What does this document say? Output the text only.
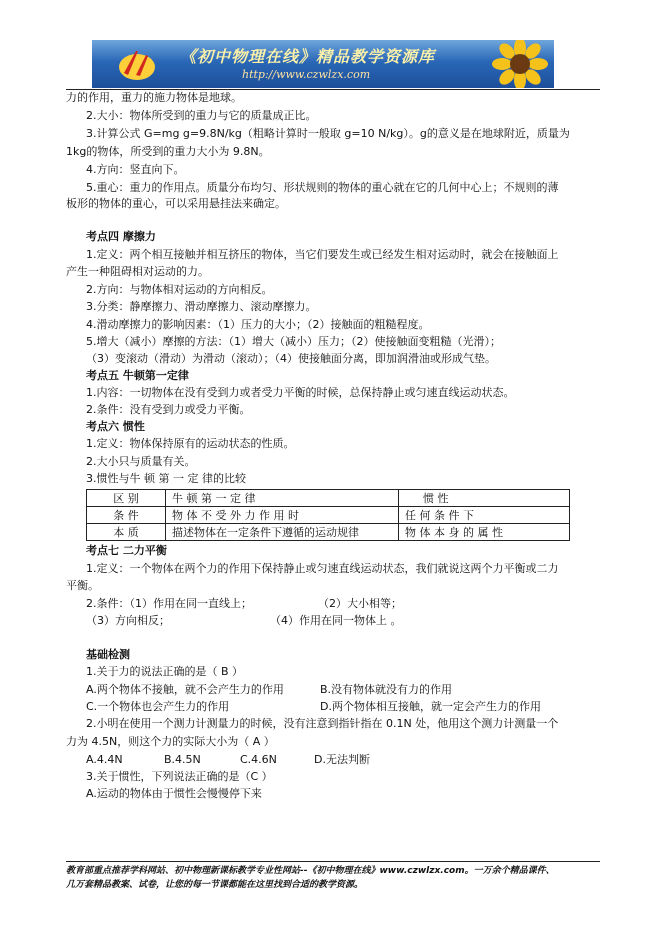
《初中物理在线》精品教学资源库
http://www.czwlzx.com
力的作用，重力的施力物体是地球。
2.大小：物体所受到的重力与它的质量成正比。
3.计算公式 G=mg g=9.8N/kg（粗略计算时一般取 g=10 N/kg）。g的意义是在地球附近，质量为
1kg的物体，所受到的重力大小为 9.8N。
4.方向：竖直向下。
5.重心：重力的作用点。质量分布均匀、形状规则的物体的重心就在它的几何中心上；不规则的薄
板形的物体的重心，可以采用悬挂法来确定。
考点四 摩擦力
1.定义：两个相互接触并相互挤压的物体，当它们要发生或已经发生相对运动时，就会在接触面上
产生一种阻碍相对运动的力。
2.方向：与物体相对运动的方向相反。
3.分类：静摩擦力、滑动摩擦力、滚动摩擦力。
4.滑动摩擦力的影响因素：（1）压力的大小；（2）接触面的粗糙程度。
5.增大（减小）摩擦的方法：（1）增大（减小）压力；（2）使接触面变粗糙（光滑）；
（3）变滚动（滑动）为滑动（滚动）；（4）使接触面分离，即加润滑油或形成气垫。
考点五 牛顿第一定律
1.内容：一切物体在没有受到力或者受力平衡的时候，总保持静止或匀速直线运动状态。
2.条件：没有受到力或受力平衡。
考点六 惯性
1.定义：物体保持原有的运动状态的性质。
2.大小只与质量有关。
3.惯性与牛 顿 第 一 定 律的比较
区 别	牛 顿 第 一 定 律	惯 性
条 件	物 体 不 受 外 力 作 用 时	任 何 条 件 下
本 质	描述物体在一定条件下遵循的运动规律	物 体 本 身 的 属 性
考点七 二力平衡
1.定义：一个物体在两个力的作用下保持静止或匀速直线运动状态，我们就说这两个力平衡或二力
平衡。
2.条件：（1）作用在同一直线上；	（2）大小相等；
（3）方向相反；	（4）作用在同一物体上 。
基础检测
1.关于力的说法正确的是（ B ）
A.两个物体不接触，就不会产生力的作用	B.没有物体就没有力的作用
C.一个物体也会产生力的作用	D.两个物体相互接触，就一定会产生力的作用
2.小明在使用一个测力计测量力的时候，没有注意到指针指在 0.1N 处，他用这个测力计测量一个
力为 4.5N，则这个力的实际大小为（ A ）
A.4.4N	B.4.5N	C.4.6N	D.无法判断
3.关于惯性，下列说法正确的是（C ）
A.运动的物体由于惯性会慢慢停下来
教育部重点推荐学科网站、初中物理新课标教学专业性网站--《初中物理在线》www.czwlzx.com。一万余个精品课件、
几万套精品教案、试卷，让您的每一节课都能在这里找到合适的教学资源。
